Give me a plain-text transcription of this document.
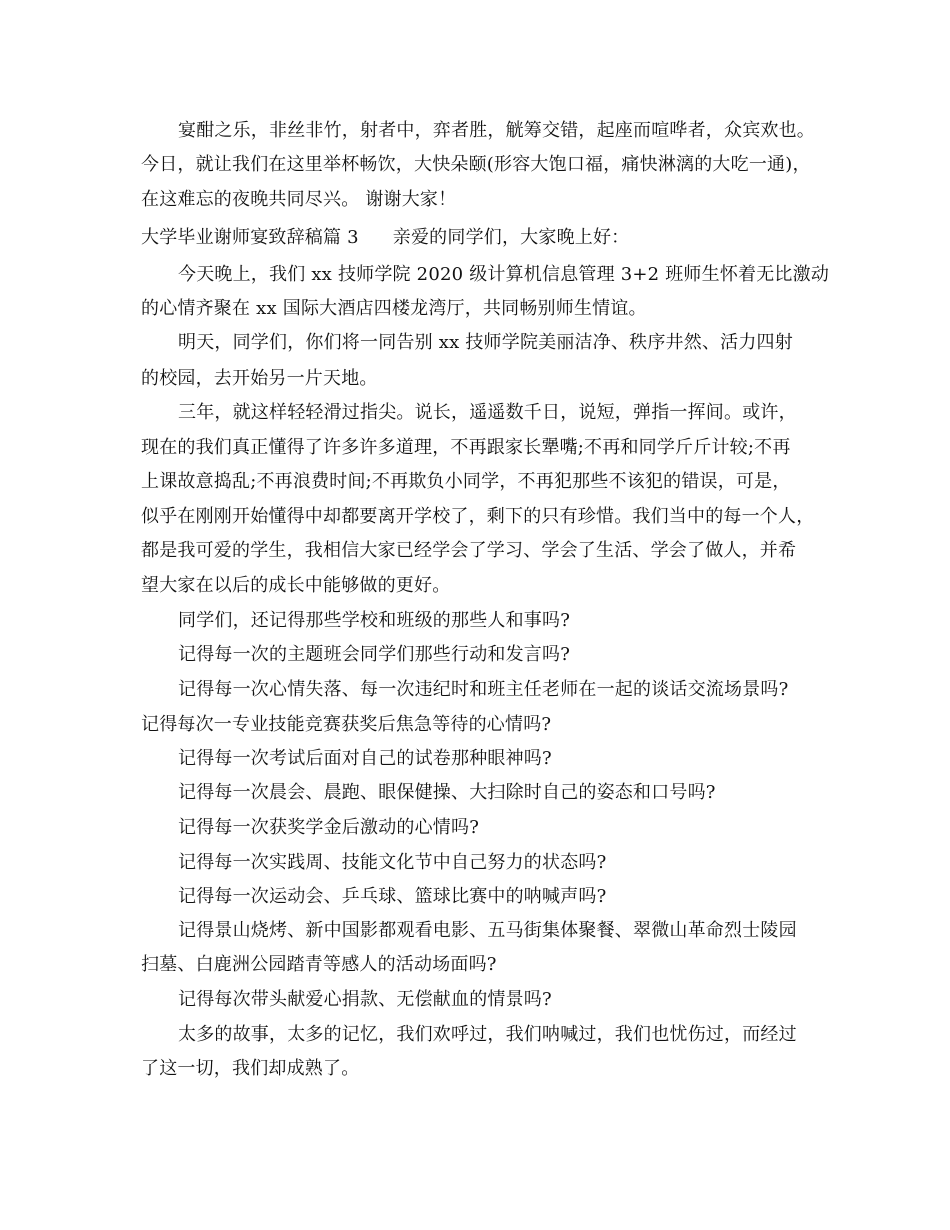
宴酣之乐，非丝非竹，射者中，弈者胜，觥筹交错，起座而喧哗者，众宾欢也。
今日，就让我们在这里举杯畅饮，大快朵颐(形容大饱口福，痛快淋漓的大吃一通)，
在这难忘的夜晚共同尽兴。 谢谢大家！
大学毕业谢师宴致辞稿篇 3 亲爱的同学们，大家晚上好：
今天晚上，我们 xx 技师学院 2020 级计算机信息管理 3+2 班师生怀着无比激动
的心情齐聚在 xx 国际大酒店四楼龙湾厅，共同畅别师生情谊。
明天，同学们，你们将一同告别 xx 技师学院美丽洁净、秩序井然、活力四射
的校园，去开始另一片天地。
三年，就这样轻轻滑过指尖。说长，遥遥数千日，说短，弹指一挥间。或许，
现在的我们真正懂得了许多许多道理，不再跟家长犟嘴;不再和同学斤斤计较;不再
上课故意捣乱;不再浪费时间;不再欺负小同学，不再犯那些不该犯的错误，可是，
似乎在刚刚开始懂得中却都要离开学校了，剩下的只有珍惜。我们当中的每一个人，
都是我可爱的学生，我相信大家已经学会了学习、学会了生活、学会了做人，并希
望大家在以后的成长中能够做的更好。
同学们，还记得那些学校和班级的那些人和事吗?
记得每一次的主题班会同学们那些行动和发言吗?
记得每一次心情失落、每一次违纪时和班主任老师在一起的谈话交流场景吗?
记得每次一专业技能竞赛获奖后焦急等待的心情吗?
记得每一次考试后面对自己的试卷那种眼神吗?
记得每一次晨会、晨跑、眼保健操、大扫除时自己的姿态和口号吗?
记得每一次获奖学金后激动的心情吗?
记得每一次实践周、技能文化节中自己努力的状态吗?
记得每一次运动会、乒乓球、篮球比赛中的呐喊声吗?
记得景山烧烤、新中国影都观看电影、五马街集体聚餐、翠微山革命烈士陵园
扫墓、白鹿洲公园踏青等感人的活动场面吗?
记得每次带头献爱心捐款、无偿献血的情景吗?
太多的故事，太多的记忆，我们欢呼过，我们呐喊过，我们也忧伤过，而经过
了这一切，我们却成熟了。
